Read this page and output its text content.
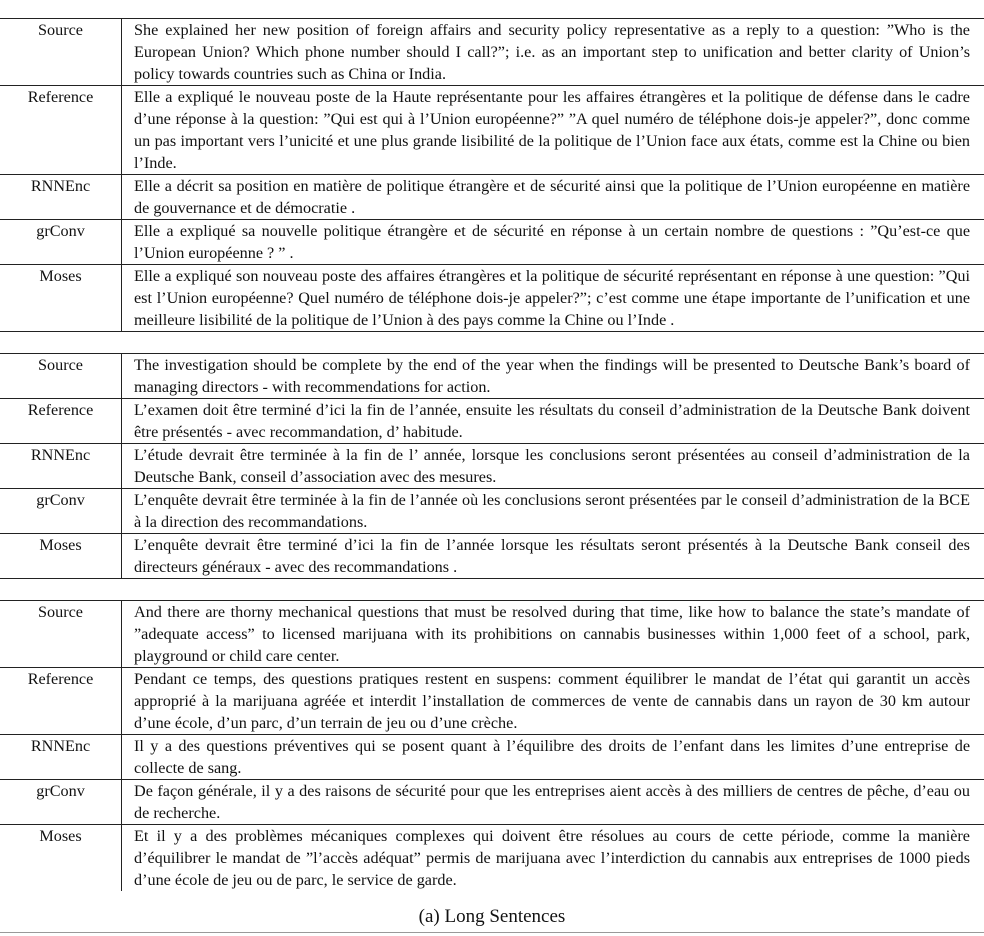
Source	She explained her new position of foreign affairs and security policy representative as a reply to a question: ”Who is the European Union? Which phone number should I call?”; i.e. as an important step to unification and better clarity of Union’s policy towards countries such as China or India.
Reference	Elle a expliqué le nouveau poste de la Haute représentante pour les affaires étrangères et la politique de défense dans le cadre d’une réponse à la question: ”Qui est qui à l’Union européenne?” ”A quel numéro de téléphone dois-je appeler?”, donc comme un pas important vers l’unicité et une plus grande lisibilité de la politique de l’Union face aux états, comme est la Chine ou bien l’Inde.
RNNEnc	Elle a décrit sa position en matière de politique étrangère et de sécurité ainsi que la politique de l’Union européenne en matière de gouvernance et de démocratie .
grConv	Elle a expliqué sa nouvelle politique étrangère et de sécurité en réponse à un certain nombre de questions : ”Qu’est-ce que l’Union européenne ? ” .
Moses	Elle a expliqué son nouveau poste des affaires étrangères et la politique de sécurité représentant en réponse à une question: ”Qui est l’Union européenne? Quel numéro de téléphone dois-je appeler?”; c’est comme une étape importante de l’unification et une meilleure lisibilité de la politique de l’Union à des pays comme la Chine ou l’Inde .
Source	The investigation should be complete by the end of the year when the findings will be presented to Deutsche Bank’s board of managing directors - with recommendations for action.
Reference	L’examen doit être terminé d’ici la fin de l’année, ensuite les résultats du conseil d’administration de la Deutsche Bank doivent être présentés - avec recommandation, d’ habitude.
RNNEnc	L’étude devrait être terminée à la fin de l’ année, lorsque les conclusions seront présentées au conseil d’administration de la Deutsche Bank, conseil d’association avec des mesures.
grConv	L’enquête devrait être terminée à la fin de l’année où les conclusions seront présentées par le conseil d’administration de la BCE à la direction des recommandations.
Moses	L’enquête devrait être terminé d’ici la fin de l’année lorsque les résultats seront présentés à la Deutsche Bank conseil des directeurs généraux - avec des recommandations .
Source	And there are thorny mechanical questions that must be resolved during that time, like how to balance the state’s mandate of ”adequate access” to licensed marijuana with its prohibitions on cannabis businesses within 1,000 feet of a school, park, playground or child care center.
Reference	Pendant ce temps, des questions pratiques restent en suspens: comment équilibrer le mandat de l’état qui garantit un accès approprié à la marijuana agréée et interdit l’installation de commerces de vente de cannabis dans un rayon de 30 km autour d’une école, d’un parc, d’un terrain de jeu ou d’une crèche.
RNNEnc	Il y a des questions préventives qui se posent quant à l’équilibre des droits de l’enfant dans les limites d’une entreprise de collecte de sang.
grConv	De façon générale, il y a des raisons de sécurité pour que les entreprises aient accès à des milliers de centres de pêche, d’eau ou de recherche.
Moses	Et il y a des problèmes mécaniques complexes qui doivent être résolues au cours de cette période, comme la manière d’équilibrer le mandat de ”l’accès adéquat” permis de marijuana avec l’interdiction du cannabis aux entreprises de 1000 pieds d’une école de jeu ou de parc, le service de garde.
(a) Long Sentences
